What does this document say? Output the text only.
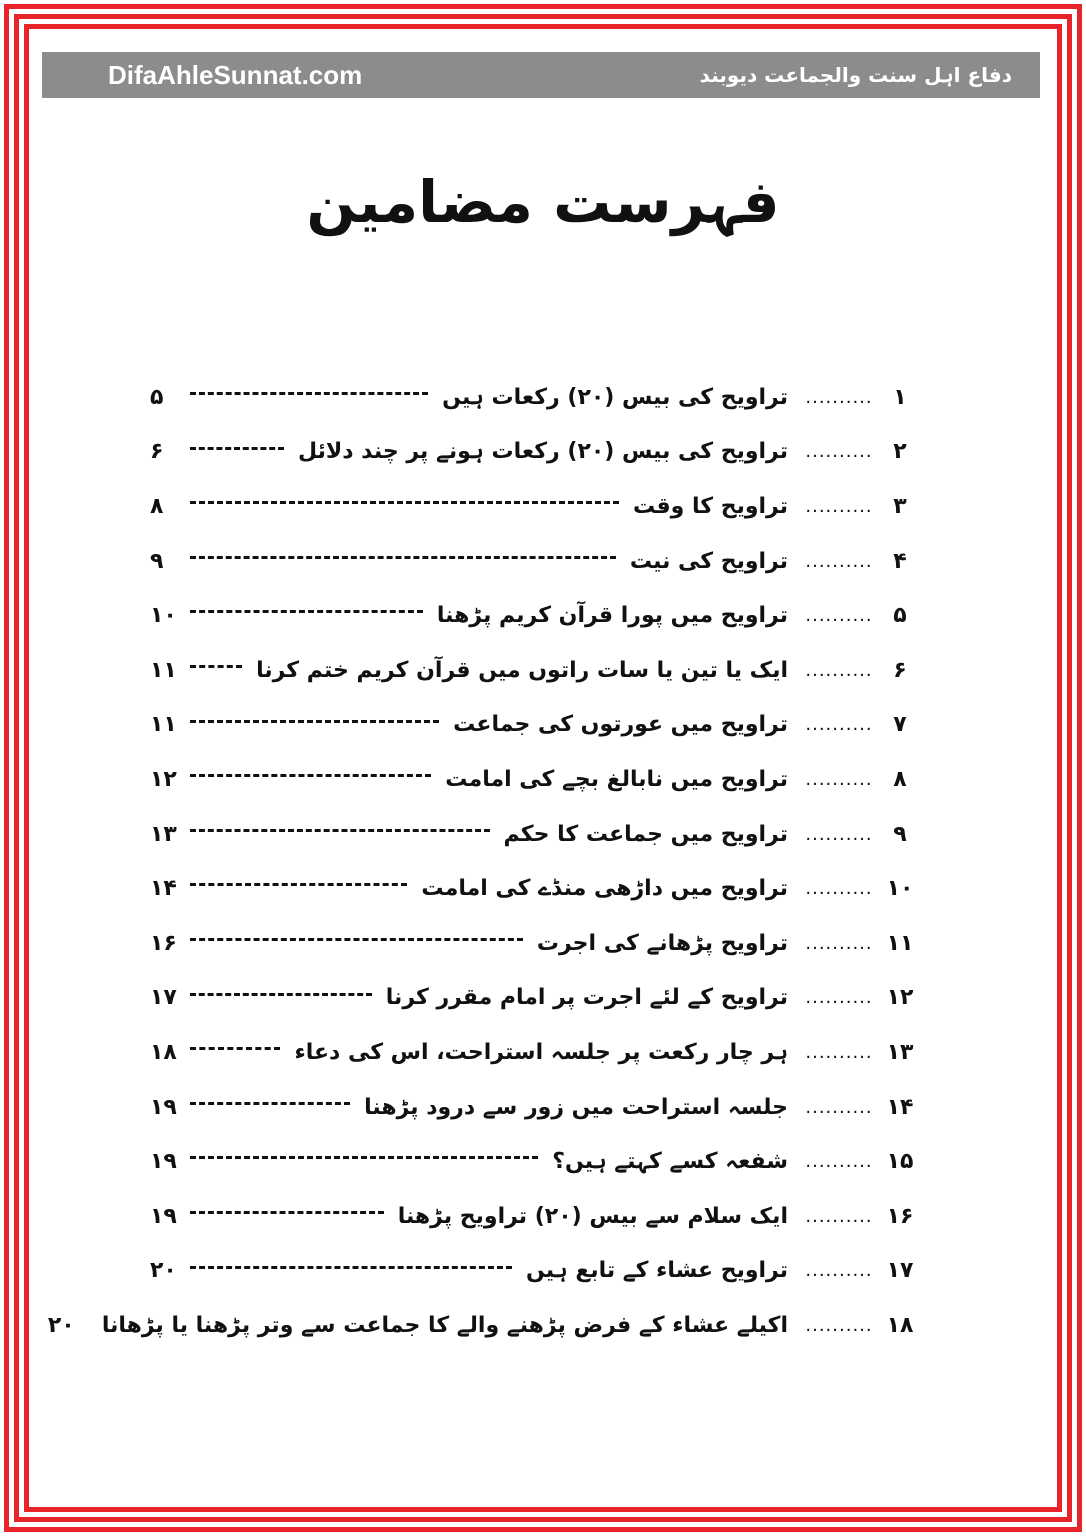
DifaAhleSunnat.com	دفاع اہل سنت والجماعت دیوبند
فہرست مضامین
۱
.....
تراویح کی بیس (۲۰) رکعات ہیں
۵
۲
.....
تراویح کی بیس (۲۰) رکعات ہونے پر چند دلائل
۶
۳
.....
تراویح کا وقت
۸
۴
.....
تراویح کی نیت
۹
۵
.....
تراویح میں پورا قرآن کریم پڑھنا
۱۰
۶
.....
ایک یا تین یا سات راتوں میں قرآن کریم ختم کرنا
۱۱
۷
.....
تراویح میں عورتوں کی جماعت
۱۱
۸
.....
تراویح میں نابالغ بچے کی امامت
۱۲
۹
.....
تراویح میں جماعت کا حکم
۱۳
۱۰
.....
تراویح میں داڑھی منڈے کی امامت
۱۴
۱۱
.....
تراویح پڑھانے کی اجرت
۱۶
۱۲
.....
تراویح کے لئے اجرت پر امام مقرر کرنا
۱۷
۱۳
.....
ہر چار رکعت پر جلسہ استراحت، اس کی دعاء
۱۸
۱۴
.....
جلسہ استراحت میں زور سے درود پڑھنا
۱۹
۱۵
.....
شفعہ کسے کہتے ہیں؟
۱۹
۱۶
.....
ایک سلام سے بیس (۲۰) تراویح پڑھنا
۱۹
۱۷
.....
تراویح عشاء کے تابع ہیں
۲۰
۱۸
.....
اکیلے عشاء کے فرض پڑھنے والے کا جماعت سے وتر پڑھنا یا پڑھانا
۲۰
